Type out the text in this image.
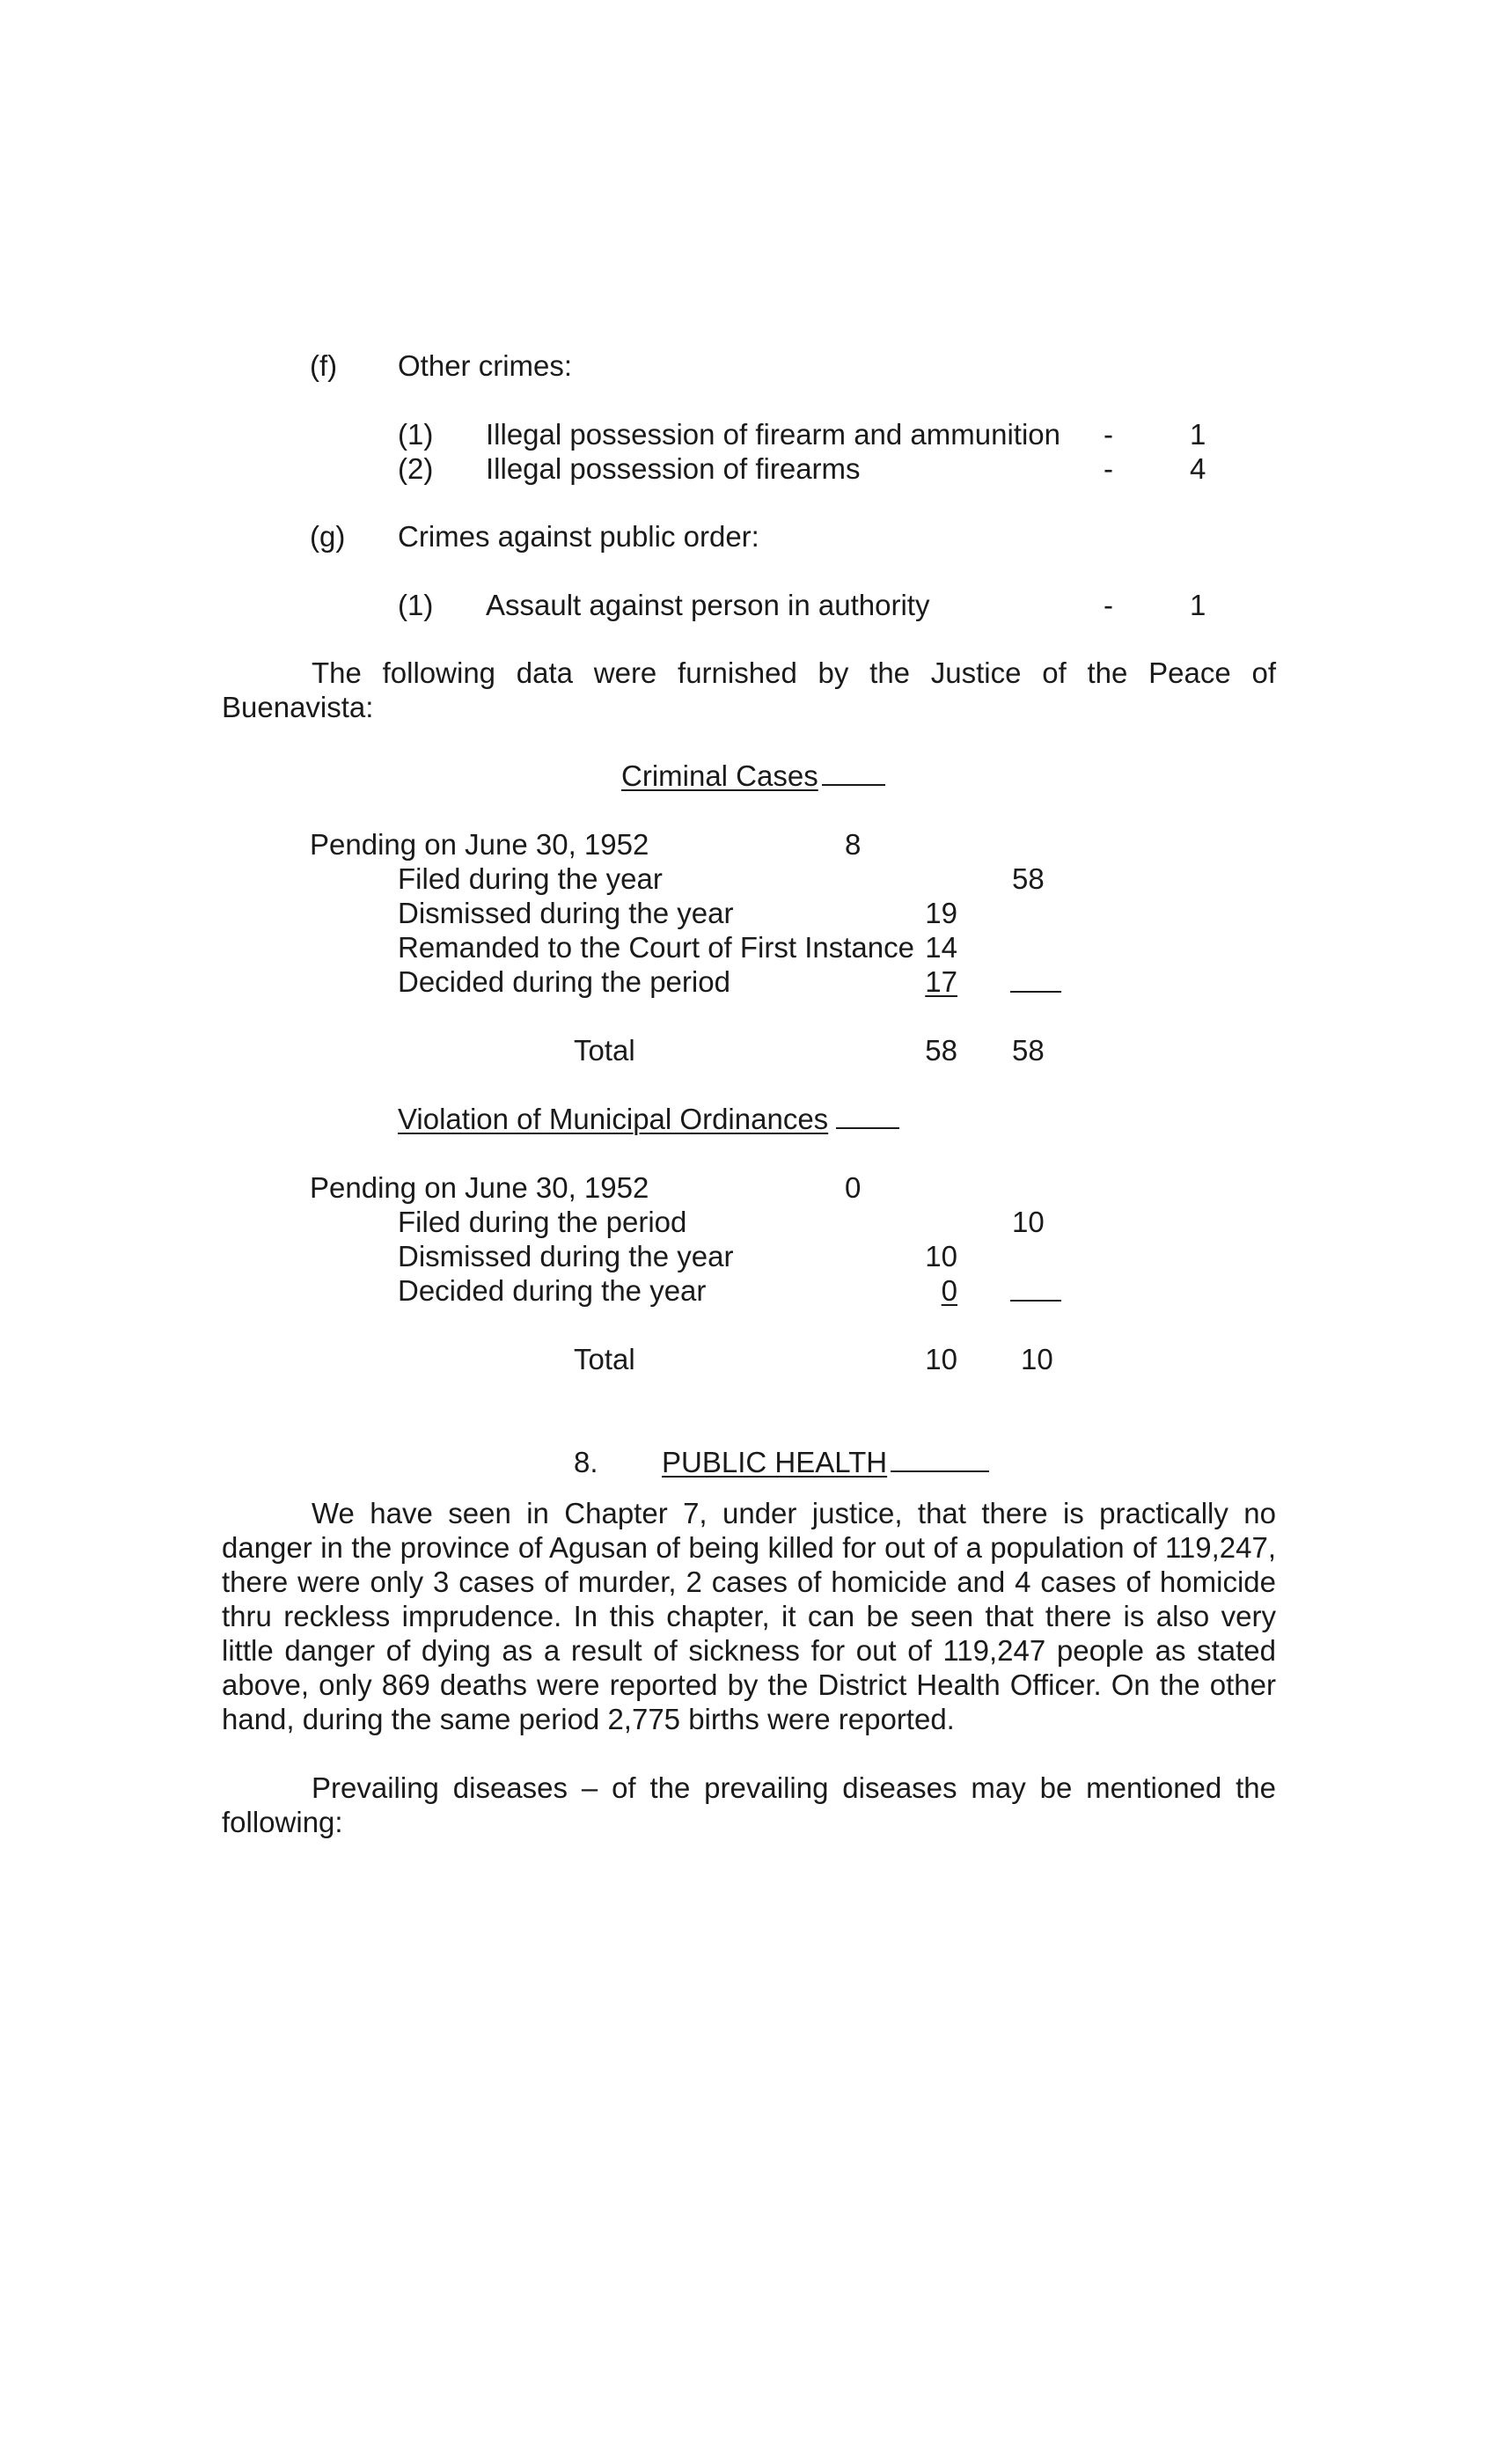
(f) Other crimes:
(1) Illegal possession of firearm and ammunition -	1
(2) Illegal possession of firearms	-	4
(g) Crimes against public order:
(1) Assault against person in authority	-	1
The following data were furnished by the Justice of the Peace of Buenavista:
Criminal Cases
Pending on June 30, 1952	8
Filed during the year	58
Dismissed during the year	19
Remanded to the Court of First Instance 14
Decided during the period	17
Total	58 58
Violation of Municipal Ordinances
Pending on June 30, 1952	0
Filed during the period	10
Dismissed during the year	10
Decided during the year	0
Total	10 10
8. PUBLIC HEALTH
We have seen in Chapter 7, under justice, that there is practically no danger in the province of Agusan of being killed for out of a population of 119,247, there were only 3 cases of murder, 2 cases of homicide and 4 cases of homicide thru reckless imprudence. In this chapter, it can be seen that there is also very little danger of dying as a result of sickness for out of 119,247 people as stated above, only 869 deaths were reported by the District Health Officer. On the other hand, during the same period 2,775 births were reported.
Prevailing diseases – of the prevailing diseases may be mentioned the following:
